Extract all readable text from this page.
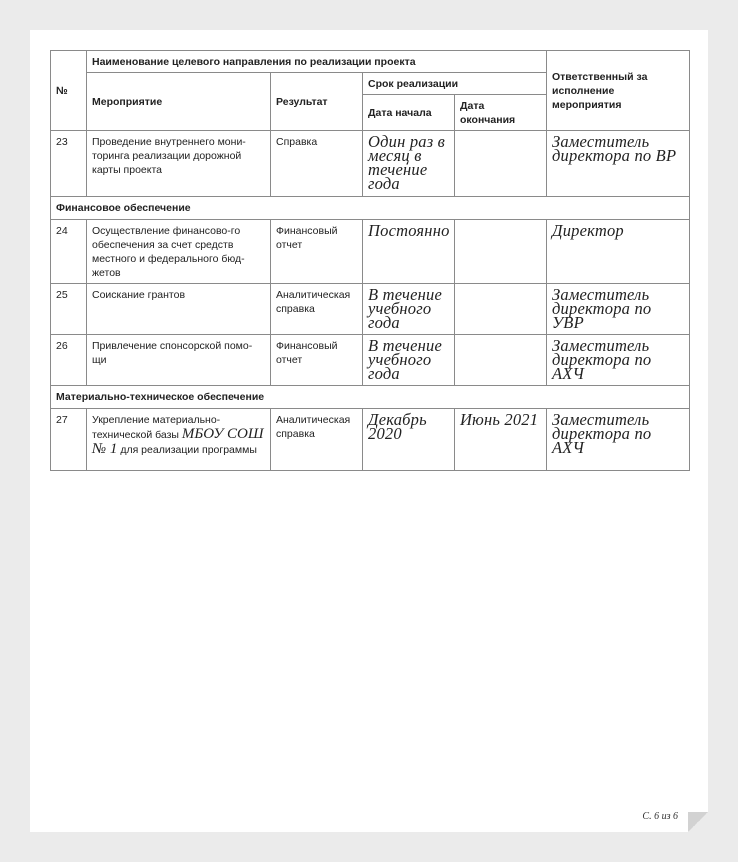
№	Наименование целевого направления по реализации проекта				Ответственный за исполнение мероприятия
	Мероприятие	Результат	Срок реализации		
			Дата начала	Дата окончания	
23	Проведение внутреннего мони-торинга реализации дорожной карты проекта	Справка	Один раз в месяц в течение года		Заместитель директора по ВР
Финансовое обеспечение					
24	Осуществление финансово-го обеспечения за счет средств местного и федерального бюд-жетов	Финансовый отчет	Постоянно		Директор
25	Соискание грантов	Аналитическая справка	В течение учебного года		Заместитель директора по УВР
26	Привлечение спонсорской помо-щи	Финансовый отчет	В течение учебного года		Заместитель директора по АХЧ
Материально-техническое обеспечение					
27	Укрепление материально-технической базы МБОУ СОШ № 1 для реализации программы	Аналитическая справка	Декабрь 2020	Июнь 2021	Заместитель директора по АХЧ
С. 6 из 6
